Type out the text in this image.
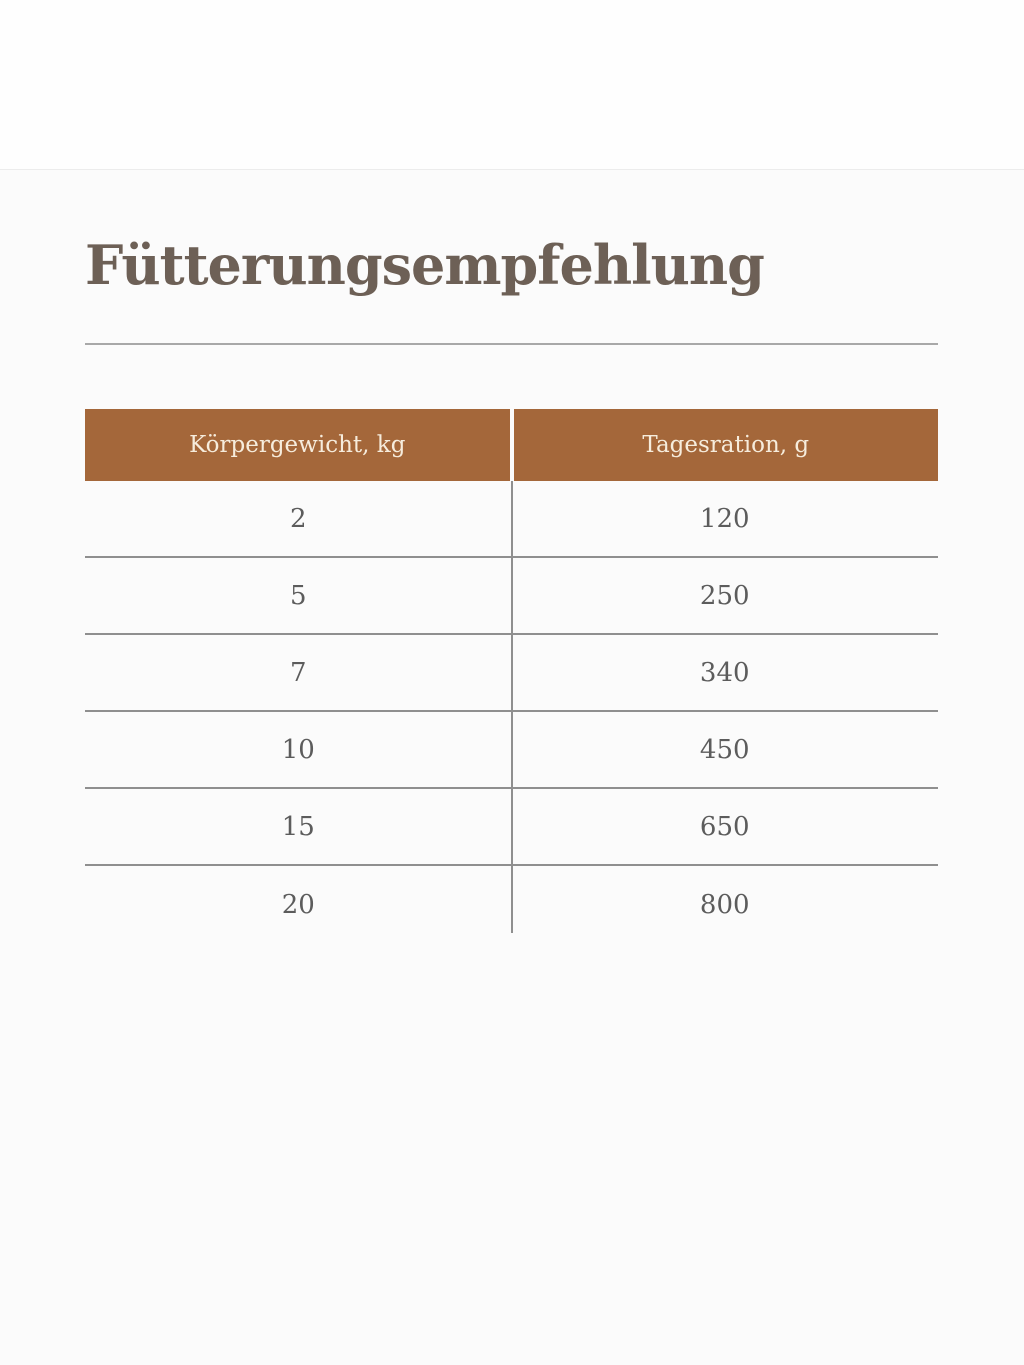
Fütterungsempfehlung
Körpergewicht, kg	Tagesration, g
2	120
5	250
7	340
10	450
15	650
20	800
